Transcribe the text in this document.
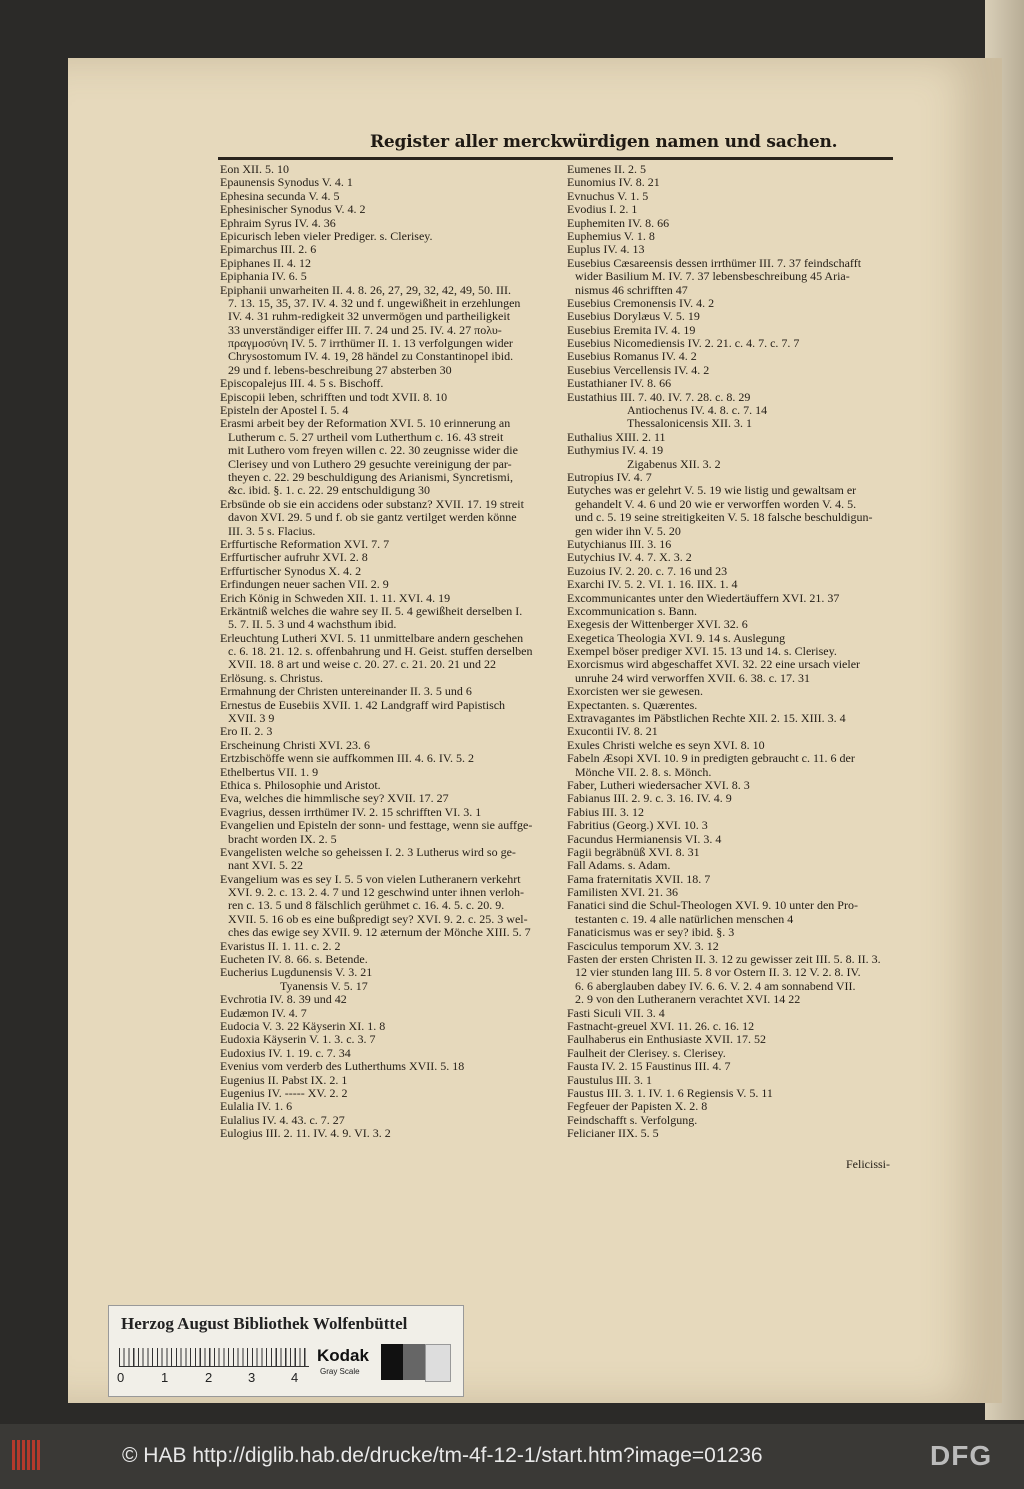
Register aller merckwürdigen namen und sachen.
Eon XII. 5. 10
Epaunensis Synodus V. 4. 1
Ephesina secunda V. 4. 5
Ephesinischer Synodus V. 4. 2
Ephraim Syrus IV. 4. 36
Epicurisch leben vieler Prediger. s. Clerisey.
Epimarchus III. 2. 6
Epiphanes II. 4. 12
Epiphania IV. 6. 5
Epiphanii unwarheiten II. 4. 8. 26, 27, 29, 32, 42, 49, 50. III.
7. 13. 15, 35, 37. IV. 4. 32 und f. ungewißheit in erzehlungen
IV. 4. 31 ruhm-redigkeit 32 unvermögen und partheiligkeit
33 unverständiger eiffer III. 7. 24 und 25. IV. 4. 27 πολυ-
πραγμοσύνη IV. 5. 7 irrthümer II. 1. 13 verfolgungen wider
Chrysostomum IV. 4. 19, 28 händel zu Constantinopel ibid.
29 und f. lebens-beschreibung 27 absterben 30
Episcopalejus III. 4. 5 s. Bischoff.
Episcopii leben, schrifften und todt XVII. 8. 10
Episteln der Apostel I. 5. 4
Erasmi arbeit bey der Reformation XVI. 5. 10 erinnerung an
Lutherum c. 5. 27 urtheil vom Lutherthum c. 16. 43 streit
mit Luthero vom freyen willen c. 22. 30 zeugnisse wider die
Clerisey und von Luthero 29 gesuchte vereinigung der par-
theyen c. 22. 29 beschuldigung des Arianismi, Syncretismi,
&c. ibid. §. 1. c. 22. 29 entschuldigung 30
Erbsünde ob sie ein accidens oder substanz? XVII. 17. 19 streit
davon XVI. 29. 5 und f. ob sie gantz vertilget werden könne
III. 3. 5 s. Flacius.
Erffurtische Reformation XVI. 7. 7
Erffurtischer aufruhr XVI. 2. 8
Erffurtischer Synodus X. 4. 2
Erfindungen neuer sachen VII. 2. 9
Erich König in Schweden XII. 1. 11. XVI. 4. 19
Erkäntniß welches die wahre sey II. 5. 4 gewißheit derselben I.
5. 7. II. 5. 3 und 4 wachsthum ibid.
Erleuchtung Lutheri XVI. 5. 11 unmittelbare andern geschehen
c. 6. 18. 21. 12. s. offenbahrung und H. Geist. stuffen derselben
XVII. 18. 8 art und weise c. 20. 27. c. 21. 20. 21 und 22
Erlösung. s. Christus.
Ermahnung der Christen untereinander II. 3. 5 und 6
Ernestus de Eusebiis XVII. 1. 42 Landgraff wird Papistisch
XVII. 3 9
Ero II. 2. 3
Erscheinung Christi XVI. 23. 6
Ertzbischöffe wenn sie auffkommen III. 4. 6. IV. 5. 2
Ethelbertus VII. 1. 9
Ethica s. Philosophie und Aristot.
Eva, welches die himmlische sey? XVII. 17. 27
Evagrius, dessen irrthümer IV. 2. 15 schrifften VI. 3. 1
Evangelien und Episteln der sonn- und festtage, wenn sie auffge-
bracht worden IX. 2. 5
Evangelisten welche so geheissen I. 2. 3 Lutherus wird so ge-
nant XVI. 5. 22
Evangelium was es sey I. 5. 5 von vielen Lutheranern verkehrt
XVI. 9. 2. c. 13. 2. 4. 7 und 12 geschwind unter ihnen verloh-
ren c. 13. 5 und 8 fälschlich gerühmet c. 16. 4. 5. c. 20. 9.
XVII. 5. 16 ob es eine bußpredigt sey? XVI. 9. 2. c. 25. 3 wel-
ches das ewige sey XVII. 9. 12 æternum der Mönche XIII. 5. 7
Evaristus II. 1. 11. c. 2. 2
Eucheten IV. 8. 66. s. Betende.
Eucherius Lugdunensis V. 3. 21
Tyanensis V. 5. 17
Evchrotia IV. 8. 39 und 42
Eudæmon IV. 4. 7
Eudocia V. 3. 22 Käyserin XI. 1. 8
Eudoxia Käyserin V. 1. 3. c. 3. 7
Eudoxius IV. 1. 19. c. 7. 34
Evenius vom verderb des Lutherthums XVII. 5. 18
Eugenius II. Pabst IX. 2. 1
Eugenius IV. ----- XV. 2. 2
Eulalia IV. 1. 6
Eulalius IV. 4. 43. c. 7. 27
Eulogius III. 2. 11. IV. 4. 9. VI. 3. 2
Eumenes II. 2. 5
Eunomius IV. 8. 21
Evnuchus V. 1. 5
Evodius I. 2. 1
Euphemiten IV. 8. 66
Euphemius V. 1. 8
Euplus IV. 4. 13
Eusebius Cæsareensis dessen irrthümer III. 7. 37 feindschafft
wider Basilium M. IV. 7. 37 lebensbeschreibung 45 Aria-
nismus 46 schrifften 47
Eusebius Cremonensis IV. 4. 2
Eusebius Dorylæus V. 5. 19
Eusebius Eremita IV. 4. 19
Eusebius Nicomediensis IV. 2. 21. c. 4. 7. c. 7. 7
Eusebius Romanus IV. 4. 2
Eusebius Vercellensis IV. 4. 2
Eustathianer IV. 8. 66
Eustathius III. 7. 40. IV. 7. 28. c. 8. 29
Antiochenus IV. 4. 8. c. 7. 14
Thessalonicensis XII. 3. 1
Euthalius XIII. 2. 11
Euthymius IV. 4. 19
Zigabenus XII. 3. 2
Eutropius IV. 4. 7
Eutyches was er gelehrt V. 5. 19 wie listig und gewaltsam er
gehandelt V. 4. 6 und 20 wie er verworffen worden V. 4. 5.
und c. 5. 19 seine streitigkeiten V. 5. 18 falsche beschuldigun-
gen wider ihn V. 5. 20
Eutychianus III. 3. 16
Eutychius IV. 4. 7. X. 3. 2
Euzoius IV. 2. 20. c. 7. 16 und 23
Exarchi IV. 5. 2. VI. 1. 16. IIX. 1. 4
Excommunicantes unter den Wiedertäuffern XVI. 21. 37
Excommunication s. Bann.
Exegesis der Wittenberger XVI. 32. 6
Exegetica Theologia XVI. 9. 14 s. Auslegung
Exempel böser prediger XVI. 15. 13 und 14. s. Clerisey.
Exorcismus wird abgeschaffet XVI. 32. 22 eine ursach vieler
unruhe 24 wird verworffen XVII. 6. 38. c. 17. 31
Exorcisten wer sie gewesen.
Expectanten. s. Quærentes.
Extravagantes im Päbstlichen Rechte XII. 2. 15. XIII. 3. 4
Exucontii IV. 8. 21
Exules Christi welche es seyn XVI. 8. 10
Fabeln Æsopi XVI. 10. 9 in predigten gebraucht c. 11. 6 der
Mönche VII. 2. 8. s. Mönch.
Faber, Lutheri wiedersacher XVI. 8. 3
Fabianus III. 2. 9. c. 3. 16. IV. 4. 9
Fabius III. 3. 12
Fabritius (Georg.) XVI. 10. 3
Facundus Hermianensis VI. 3. 4
Fagii begräbnüß XVI. 8. 31
Fall Adams. s. Adam.
Fama fraternitatis XVII. 18. 7
Familisten XVI. 21. 36
Fanatici sind die Schul-Theologen XVI. 9. 10 unter den Pro-
testanten c. 19. 4 alle natürlichen menschen 4
Fanaticismus was er sey? ibid. §. 3
Fasciculus temporum XV. 3. 12
Fasten der ersten Christen II. 3. 12 zu gewisser zeit III. 5. 8. II. 3.
12 vier stunden lang III. 5. 8 vor Ostern II. 3. 12 V. 2. 8. IV.
6. 6 aberglauben dabey IV. 6. 6. V. 2. 4 am sonnabend VII.
2. 9 von den Lutheranern verachtet XVI. 14 22
Fasti Siculi VII. 3. 4
Fastnacht-greuel XVI. 11. 26. c. 16. 12
Faulhaberus ein Enthusiaste XVII. 17. 52
Faulheit der Clerisey. s. Clerisey.
Fausta IV. 2. 15 Faustinus III. 4. 7
Faustulus III. 3. 1
Faustus III. 3. 1. IV. 1. 6 Regiensis V. 5. 11
Fegfeuer der Papisten X. 2. 8
Feindschafft s. Verfolgung.
Felicianer IIX. 5. 5
Felicissi-
Herzog August Bibliothek Wolfenbüttel
0	1	2	3	4
Kodak
Gray Scale
© HAB http://diglib.hab.de/drucke/tm-4f-12-1/start.htm?image=01236	DFG
